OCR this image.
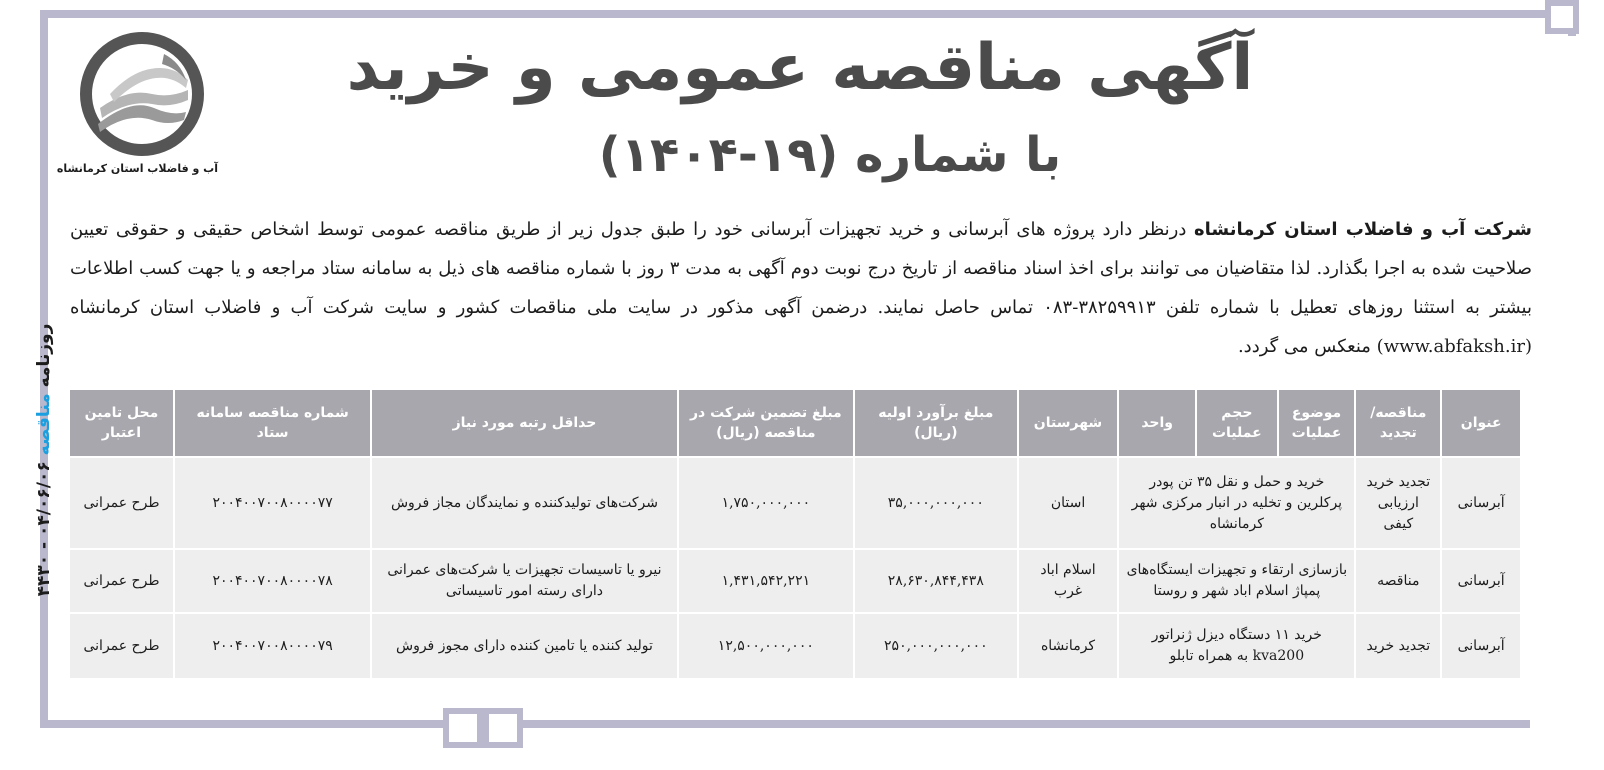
آب و فاضلاب استان کرمانشاه
آگهی مناقصه عمومی و خرید
با شماره (۱۹-۱۴۰۴)
شرکت آب و فاضلاب استان کرمانشاه درنظر دارد پروژه های آبرسانی و خرید تجهیزات آبرسانی خود را طبق جدول زیر از طریق مناقصه عمومی توسط اشخاص حقیقی و حقوقی تعیین صلاحیت شده به اجرا بگذارد. لذا متقاضیان می توانند برای اخذ اسناد مناقصه از تاریخ درج نوبت دوم آگهی به مدت ۳ روز با شماره مناقصه های ذیل به سامانه ستاد مراجعه و یا جهت کسب اطلاعات بیشتر به استثنا روزهای تعطیل با شماره تلفن ۳۸۲۵۹۹۱۳-۰۸۳ تماس حاصل نمایند. درضمن آگهی مذکور در سایت ملی مناقصات کشور و سایت شرکت آب و فاضلاب استان کرمانشاه (www.abfaksh.ir) منعکس می گردد.
روزنامه مناقصه ۰۴/۰۶/۰۶ - ۴۴۳۰
عنوان	مناقصه/ تجدید	موضوع عملیات	حجم عملیات	واحد	شهرستان	مبلغ برآورد اولیه (ریال)	مبلغ تضمین شرکت در مناقصه (ریال)	حداقل رتبه مورد نیاز	شماره مناقصه سامانه ستاد	محل تامین اعتبار
آبرسانی	تجدید خرید ارزیابی کیفی	خرید و حمل و نقل ۳۵ تن پودر پرکلرین و تخلیه در انبار مرکزی شهر کرمانشاه			استان	۳۵,۰۰۰,۰۰۰,۰۰۰	۱,۷۵۰,۰۰۰,۰۰۰	شرکت‌های تولیدکننده و نمایندگان مجاز فروش	۲۰۰۴۰۰۷۰۰۸۰۰۰۰۷۷	طرح عمرانی
آبرسانی	مناقصه	بازسازی ارتقاء و تجهیزات ایستگاه‌های پمپاژ اسلام اباد شهر و روستا			اسلام اباد غرب	۲۸,۶۳۰,۸۴۴,۴۳۸	۱,۴۳۱,۵۴۲,۲۲۱	نیرو یا تاسیسات تجهیزات یا شرکت‌های عمرانی دارای رسته امور تاسیساتی	۲۰۰۴۰۰۷۰۰۸۰۰۰۰۷۸	طرح عمرانی
آبرسانی	تجدید خرید	خرید ۱۱ دستگاه دیزل ژنراتور kva200 به همراه تابلو			کرمانشاه	۲۵۰,۰۰۰,۰۰۰,۰۰۰	۱۲,۵۰۰,۰۰۰,۰۰۰	تولید کننده یا تامین کننده دارای مجوز فروش	۲۰۰۴۰۰۷۰۰۸۰۰۰۰۷۹	طرح عمرانی
